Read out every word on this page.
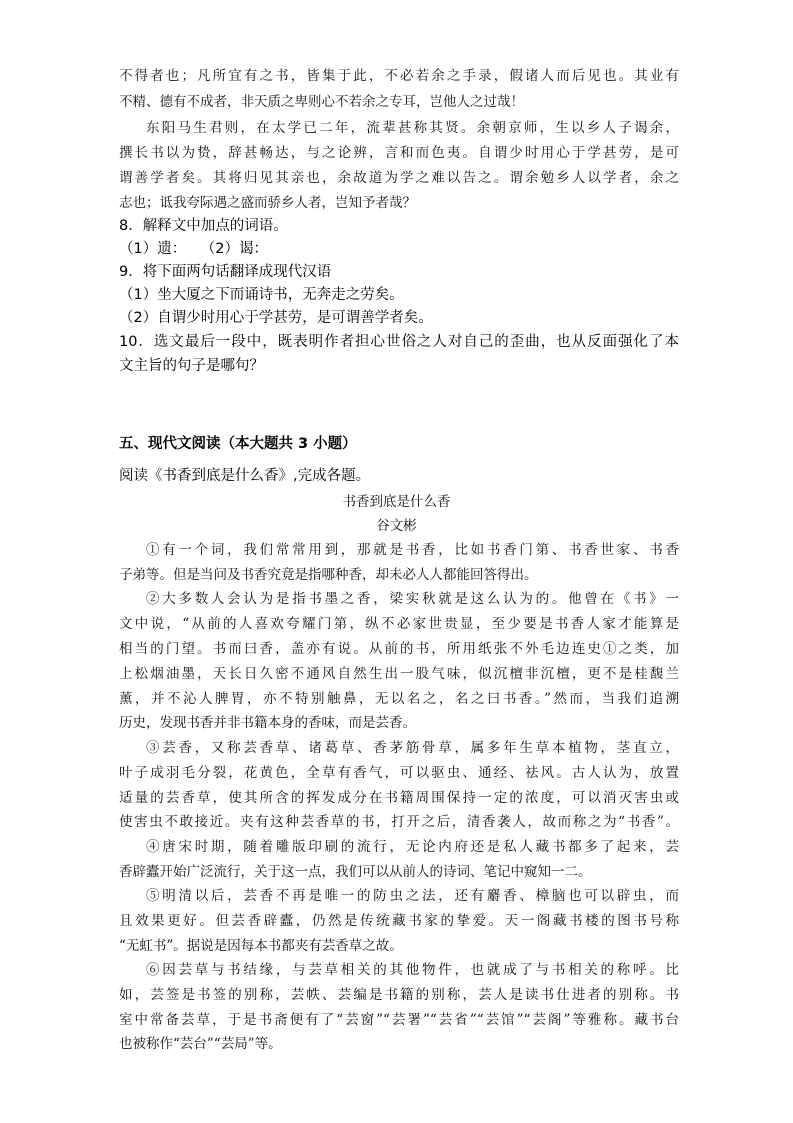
不得者也；凡所宜有之书，皆集于此，不必若余之手录，假诸人而后见也。其业有
不精、德有不成者，非天质之卑则心不若余之专耳，岂他人之过哉！
东阳马生君则，在太学已二年，流辈甚称其贤。余朝京师，生以乡人子谒余，
撰长书以为贽，辞甚畅达，与之论辨，言和而色夷。自谓少时用心于学甚劳，是可
谓善学者矣。其将归见其亲也，余故道为学之难以告之。谓余勉乡人以学者，余之
志也；诋我夸际遇之盛而骄乡人者，岂知予者哉？
8．解释文中加点的词语。
（1）遗：　　（2）谒：
9．将下面两句话翻译成现代汉语
（1）坐大厦之下而诵诗书，无奔走之劳矣。
（2）自谓少时用心于学甚劳，是可谓善学者矣。
10．选文最后一段中，既表明作者担心世俗之人对自己的歪曲，也从反面强化了本
文主旨的句子是哪句？
五、现代文阅读（本大题共 3 小题）
阅读《书香到底是什么香》,完成各题。
书香到底是什么香
谷文彬
①有一个词，我们常常用到，那就是书香，比如书香门第、书香世家、书香
子弟等。但是当问及书香究竟是指哪种香，却未必人人都能回答得出。
②大多数人会认为是指书墨之香，梁实秋就是这么认为的。他曾在《书》一
文中说，“从前的人喜欢夸耀门第，纵不必家世贵显，至少要是书香人家才能算是
相当的门望。书而曰香，盖亦有说。从前的书，所用纸张不外毛边连史①之类，加
上松烟油墨，天长日久密不通风自然生出一股气味，似沉檀非沉檀，更不是桂馥兰
薰，并不沁人脾胃，亦不特别触鼻，无以名之，名之曰书香。”然而，当我们追溯
历史，发现书香并非书籍本身的香味，而是芸香。
③芸香，又称芸香草、诸葛草、香茅筋骨草，属多年生草本植物，茎直立，
叶子成羽毛分裂，花黄色，全草有香气，可以驱虫、通经、祛风。古人认为，放置
适量的芸香草，使其所含的挥发成分在书籍周围保持一定的浓度，可以消灭害虫或
使害虫不敢接近。夹有这种芸香草的书，打开之后，清香袭人，故而称之为“书香”。
④唐宋时期，随着雕版印刷的流行，无论内府还是私人藏书都多了起来，芸
香辟蠹开始广泛流行，关于这一点，我们可以从前人的诗词、笔记中窥知一二。
⑤明清以后，芸香不再是唯一的防虫之法，还有麝香、樟脑也可以辟虫，而
且效果更好。但芸香辟蠹，仍然是传统藏书家的挚爱。天一阁藏书楼的图书号称
“无虹书”。据说是因每本书都夹有芸香草之故。
⑥因芸草与书结缘，与芸草相关的其他物件，也就成了与书相关的称呼。比
如，芸签是书签的别称，芸帙、芸编是书籍的别称，芸人是读书仕进者的别称。书
室中常备芸草，于是书斋便有了“芸窗”“芸署”“芸省”“芸馆”“芸阁”等雅称。藏书台
也被称作“芸台”“芸局”等。
